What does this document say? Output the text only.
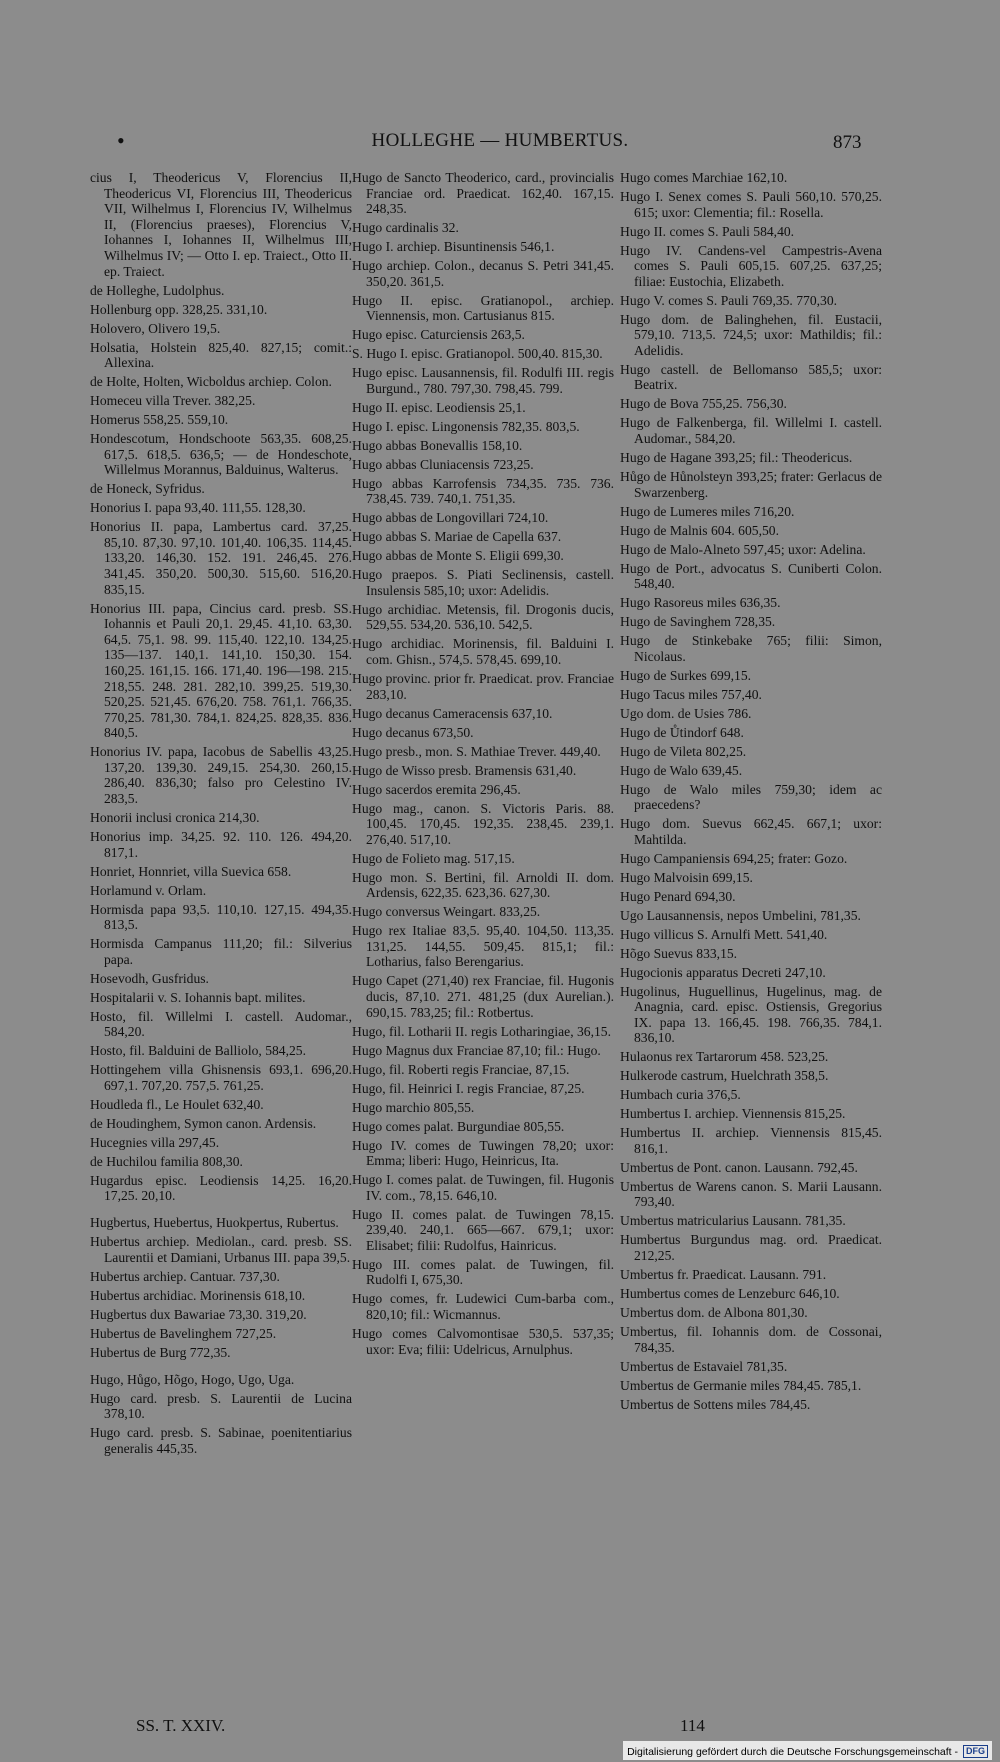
•	HOLLEGHE — HUMBERTUS.	873
cius I, Theodericus V, Florencius II, Theodericus VI, Florencius III, Theodericus VII, Wilhelmus I, Florencius IV, Wilhelmus II, (Florencius praeses), Florencius V, Iohannes I, Iohannes II, Wilhelmus III, Wilhelmus IV; — Otto I. ep. Traiect., Otto II. ep. Traiect.
de Holleghe, Ludolphus.
Hollenburg opp. 328,25. 331,10.
Holovero, Olivero 19,5.
Holsatia, Holstein 825,40. 827,15; comit.: Allexina.
de Holte, Holten, Wicboldus archiep. Colon.
Homeceu villa Trever. 382,25.
Homerus 558,25. 559,10.
Hondescotum, Hondschoote 563,35. 608,25. 617,5. 618,5. 636,5; — de Hondeschote, Willelmus Morannus, Balduinus, Walterus.
de Honeck, Syfridus.
Honorius I. papa 93,40. 111,55. 128,30.
Honorius II. papa, Lambertus card. 37,25. 85,10. 87,30. 97,10. 101,40. 106,35. 114,45. 133,20. 146,30. 152. 191. 246,45. 276. 341,45. 350,20. 500,30. 515,60. 516,20. 835,15.
Honorius III. papa, Cincius card. presb. SS. Iohannis et Pauli 20,1. 29,45. 41,10. 63,30. 64,5. 75,1. 98. 99. 115,40. 122,10. 134,25. 135—137. 140,1. 141,10. 150,30. 154. 160,25. 161,15. 166. 171,40. 196—198. 215. 218,55. 248. 281. 282,10. 399,25. 519,30. 520,25. 521,45. 676,20. 758. 761,1. 766,35. 770,25. 781,30. 784,1. 824,25. 828,35. 836. 840,5.
Honorius IV. papa, Iacobus de Sabellis 43,25. 137,20. 139,30. 249,15. 254,30. 260,15. 286,40. 836,30; falso pro Celestino IV. 283,5.
Honorii inclusi cronica 214,30.
Honorius imp. 34,25. 92. 110. 126. 494,20. 817,1.
Honriet, Honnriet, villa Suevica 658.
Horlamund v. Orlam.
Hormisda papa 93,5. 110,10. 127,15. 494,35. 813,5.
Hormisda Campanus 111,20; fil.: Silverius papa.
Hosevodh, Gusfridus.
Hospitalarii v. S. Iohannis bapt. milites.
Hosto, fil. Willelmi I. castell. Audomar., 584,20.
Hosto, fil. Balduini de Balliolo, 584,25.
Hottingehem villa Ghisnensis 693,1. 696,20. 697,1. 707,20. 757,5. 761,25.
Houdleda fl., Le Houlet 632,40.
de Houdinghem, Symon canon. Ardensis.
Hucegnies villa 297,45.
de Huchilou familia 808,30.
Hugardus episc. Leodiensis 14,25. 16,20. 17,25. 20,10.
Hugbertus, Huebertus, Huokpertus, Rubertus.
Hubertus archiep. Mediolan., card. presb. SS. Laurentii et Damiani, Urbanus III. papa 39,5.
Hubertus archiep. Cantuar. 737,30.
Hubertus archidiac. Morinensis 618,10.
Hugbertus dux Bawariae 73,30. 319,20.
Hubertus de Bavelinghem 727,25.
Hubertus de Burg 772,35.
Hugo, Hůgo, Hõgo, Hogo, Ugo, Uga.
Hugo card. presb. S. Laurentii de Lucina 378,10.
Hugo card. presb. S. Sabinae, poenitentiarius generalis 445,35.
Hugo de Sancto Theoderico, card., provincialis Franciae ord. Praedicat. 162,40. 167,15. 248,35.
Hugo cardinalis 32.
Hugo I. archiep. Bisuntinensis 546,1.
Hugo archiep. Colon., decanus S. Petri 341,45. 350,20. 361,5.
Hugo II. episc. Gratianopol., archiep. Viennensis, mon. Cartusianus 815.
Hugo episc. Caturciensis 263,5.
S. Hugo I. episc. Gratianopol. 500,40. 815,30.
Hugo episc. Lausannensis, fil. Rodulfi III. regis Burgund., 780. 797,30. 798,45. 799.
Hugo II. episc. Leodiensis 25,1.
Hugo I. episc. Lingonensis 782,35. 803,5.
Hugo abbas Bonevallis 158,10.
Hugo abbas Cluniacensis 723,25.
Hugo abbas Karrofensis 734,35. 735. 736. 738,45. 739. 740,1. 751,35.
Hugo abbas de Longovillari 724,10.
Hugo abbas S. Mariae de Capella 637.
Hugo abbas de Monte S. Eligii 699,30.
Hugo praepos. S. Piati Seclinensis, castell. Insulensis 585,10; uxor: Adelidis.
Hugo archidiac. Metensis, fil. Drogonis ducis, 529,55. 534,20. 536,10. 542,5.
Hugo archidiac. Morinensis, fil. Balduini I. com. Ghisn., 574,5. 578,45. 699,10.
Hugo provinc. prior fr. Praedicat. prov. Franciae 283,10.
Hugo decanus Cameracensis 637,10.
Hugo decanus 673,50.
Hugo presb., mon. S. Mathiae Trever. 449,40.
Hugo de Wisso presb. Bramensis 631,40.
Hugo sacerdos eremita 296,45.
Hugo mag., canon. S. Victoris Paris. 88. 100,45. 170,45. 192,35. 238,45. 239,1. 276,40. 517,10.
Hugo de Folieto mag. 517,15.
Hugo mon. S. Bertini, fil. Arnoldi II. dom. Ardensis, 622,35. 623,36. 627,30.
Hugo conversus Weingart. 833,25.
Hugo rex Italiae 83,5. 95,40. 104,50. 113,35. 131,25. 144,55. 509,45. 815,1; fil.: Lotharius, falso Berengarius.
Hugo Capet (271,40) rex Franciae, fil. Hugonis ducis, 87,10. 271. 481,25 (dux Aurelian.). 690,15. 783,25; fil.: Rotbertus.
Hugo, fil. Lotharii II. regis Lotharingiae, 36,15.
Hugo Magnus dux Franciae 87,10; fil.: Hugo.
Hugo, fil. Roberti regis Franciae, 87,15.
Hugo, fil. Heinrici I. regis Franciae, 87,25.
Hugo marchio 805,55.
Hugo comes palat. Burgundiae 805,55.
Hugo IV. comes de Tuwingen 78,20; uxor: Emma; liberi: Hugo, Heinricus, Ita.
Hugo I. comes palat. de Tuwingen, fil. Hugonis IV. com., 78,15. 646,10.
Hugo II. comes palat. de Tuwingen 78,15. 239,40. 240,1. 665—667. 679,1; uxor: Elisabet; filii: Rudolfus, Hainricus.
Hugo III. comes palat. de Tuwingen, fil. Rudolfi I, 675,30.
Hugo comes, fr. Ludewici Cum-barba com., 820,10; fil.: Wicmannus.
Hugo comes Calvomontisae 530,5. 537,35; uxor: Eva; filii: Udelricus, Arnulphus.
Hugo comes Marchiae 162,10.
Hugo I. Senex comes S. Pauli 560,10. 570,25. 615; uxor: Clementia; fil.: Rosella.
Hugo II. comes S. Pauli 584,40.
Hugo IV. Candens-vel Campestris-Avena comes S. Pauli 605,15. 607,25. 637,25; filiae: Eustochia, Elizabeth.
Hugo V. comes S. Pauli 769,35. 770,30.
Hugo dom. de Balinghehen, fil. Eustacii, 579,10. 713,5. 724,5; uxor: Mathildis; fil.: Adelidis.
Hugo castell. de Bellomanso 585,5; uxor: Beatrix.
Hugo de Bova 755,25. 756,30.
Hugo de Falkenberga, fil. Willelmi I. castell. Audomar., 584,20.
Hugo de Hagane 393,25; fil.: Theodericus.
Hůgo de Hůnolsteyn 393,25; frater: Gerlacus de Swarzenberg.
Hugo de Lumeres miles 716,20.
Hugo de Malnis 604. 605,50.
Hugo de Malo-Alneto 597,45; uxor: Adelina.
Hugo de Port., advocatus S. Cuniberti Colon. 548,40.
Hugo Rasoreus miles 636,35.
Hugo de Savinghem 728,35.
Hugo de Stinkebake 765; filii: Simon, Nicolaus.
Hugo de Surkes 699,15.
Hugo Tacus miles 757,40.
Ugo dom. de Usies 786.
Hugo de Ůtindorf 648.
Hugo de Vileta 802,25.
Hugo de Walo 639,45.
Hugo de Walo miles 759,30; idem ac praecedens?
Hugo dom. Suevus 662,45. 667,1; uxor: Mahtilda.
Hugo Campaniensis 694,25; frater: Gozo.
Hugo Malvoisin 699,15.
Hugo Penard 694,30.
Ugo Lausannensis, nepos Umbelini, 781,35.
Hugo villicus S. Arnulfi Mett. 541,40.
Hõgo Suevus 833,15.
Hugocionis apparatus Decreti 247,10.
Hugolinus, Huguellinus, Hugelinus, mag. de Anagnia, card. episc. Ostiensis, Gregorius IX. papa 13. 166,45. 198. 766,35. 784,1. 836,10.
Hulaonus rex Tartarorum 458. 523,25.
Hulkerode castrum, Huelchrath 358,5.
Humbach curia 376,5.
Humbertus I. archiep. Viennensis 815,25.
Humbertus II. archiep. Viennensis 815,45. 816,1.
Umbertus de Pont. canon. Lausann. 792,45.
Umbertus de Warens canon. S. Marii Lausann. 793,40.
Umbertus matricularius Lausann. 781,35.
Humbertus Burgundus mag. ord. Praedicat. 212,25.
Umbertus fr. Praedicat. Lausann. 791.
Humbertus comes de Lenzeburc 646,10.
Umbertus dom. de Albona 801,30.
Umbertus, fil. Iohannis dom. de Cossonai, 784,35.
Umbertus de Estavaiel 781,35.
Umbertus de Germanie miles 784,45. 785,1.
Umbertus de Sottens miles 784,45.
SS. T. XXIV.	114
Digitalisierung gefördert durch die Deutsche Forschungsgemeinschaft - DFG
